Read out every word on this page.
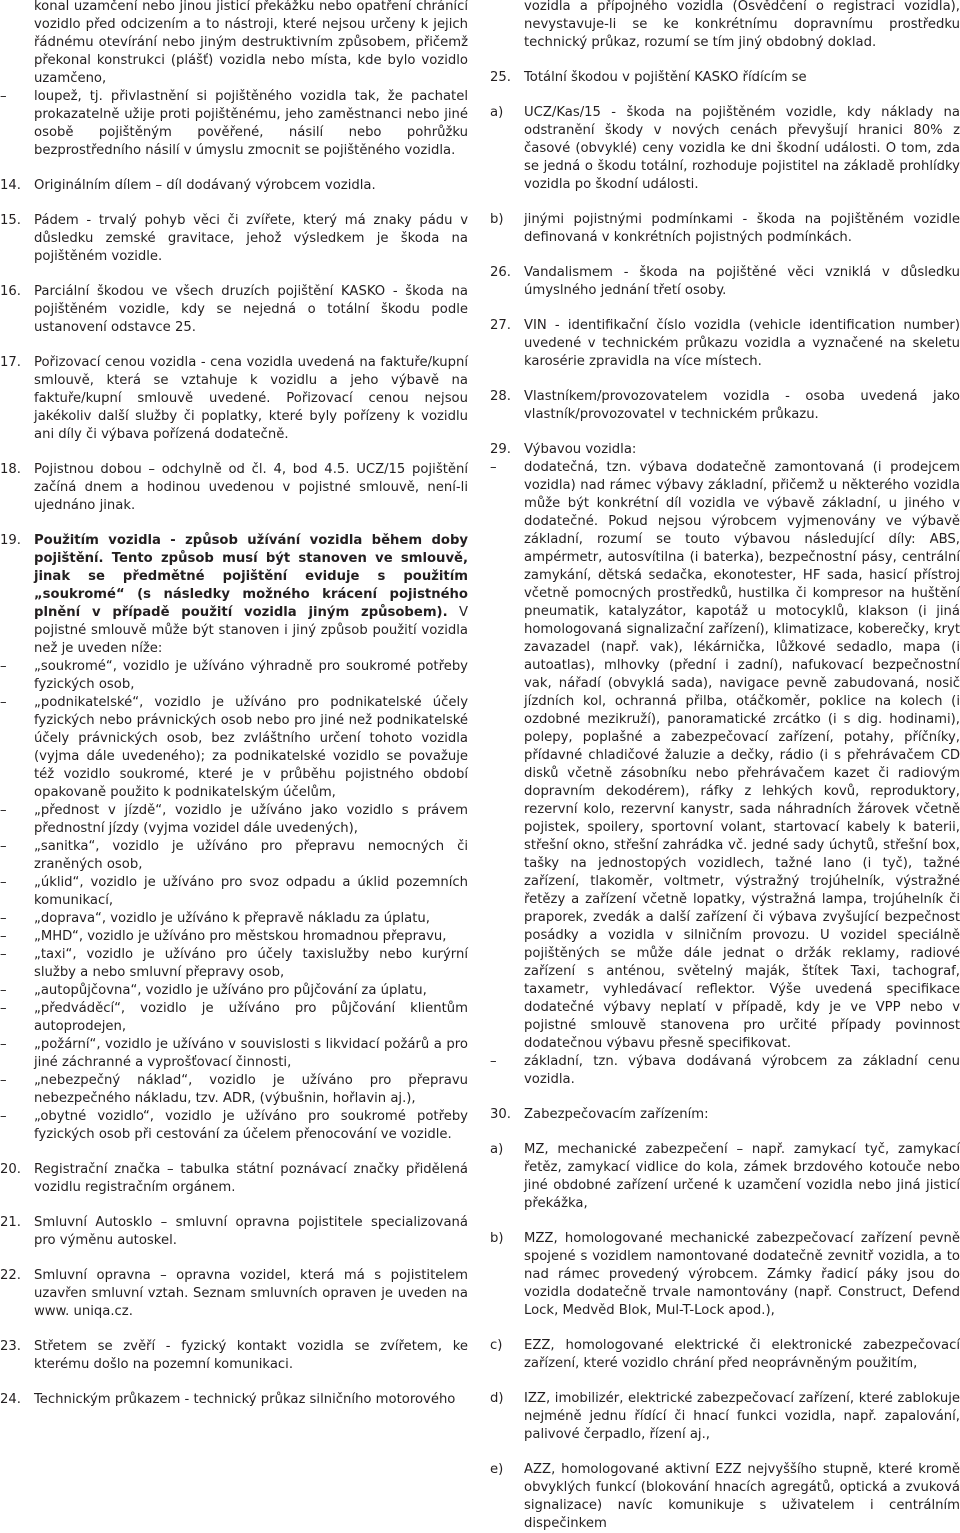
konal uzamčení nebo jinou jisticí překážku nebo opatření chránící vozidlo před odcizením a to nástroji, které nejsou určeny k jejich řádnému otevírání nebo jiným destruktivním způsobem, přičemž překonal konstrukci (plášť) vozidla nebo místa, kde bylo vozidlo uzamčeno,

– loupež, tj. přivlastnění si pojištěného vozidla tak, že pachatel prokazatelně užije proti pojištěnému, jeho zaměstnanci nebo jiné osobě pojištěným pověřené, násilí nebo pohrůžku bezprostředního násilí v úmyslu zmocnit se pojištěného vozidla.

14. Originálním dílem – díl dodávaný výrobcem vozidla.

15. Pádem - trvalý pohyb věci či zvířete, který má znaky pádu v důsledku zemské gravitace, jehož výsledkem je škoda na pojištěném vozidle.

16. Parciální škodou ve všech druzích pojištění KASKO - škoda na pojištěném vozidle, kdy se nejedná o totální škodu podle ustanovení odstavce 25.

17. Pořizovací cenou vozidla - cena vozidla uvedená na faktuře/kupní smlouvě, která se vztahuje k vozidlu a jeho výbavě na faktuře/kupní smlouvě uvedené. Pořizovací cenou nejsou jakékoliv další služby či poplatky, které byly pořízeny k vozidlu ani díly či výbava pořízená dodatečně.

18. Pojistnou dobou – odchylně od čl. 4, bod 4.5. UCZ/15 pojištění začíná dnem a hodinou uvedenou v pojistné smlouvě, není-li ujednáno jinak.

19. Použitím vozidla - způsob užívání vozidla během doby pojištění. Tento způsob musí být stanoven ve smlouvě, jinak se předmětné pojištění eviduje s použitím „soukromé“ (s následky možného krácení pojistného plnění v případě použití vozidla jiným způsobem). V pojistné smlouvě může být stanoven i jiný způsob použití vozidla než je uveden níže:

– „soukromé“, vozidlo je užíváno výhradně pro soukromé potřeby fyzických osob,

– „podnikatelské“, vozidlo je užíváno pro podnikatelské účely fyzických nebo právnických osob nebo pro jiné než podnikatelské účely právnických osob, bez zvláštního určení tohoto vozidla (vyjma dále uvedeného); za podnikatelské vozidlo se považuje též vozidlo soukromé, které je v průběhu pojistného období opakovaně použito k podnikatelským účelům,

– „přednost v jízdě“, vozidlo je užíváno jako vozidlo s právem přednostní jízdy (vyjma vozidel dále uvedených),

– „sanitka“, vozidlo je užíváno pro přepravu nemocných či zraněných osob,

– „úklid“, vozidlo je užíváno pro svoz odpadu a úklid pozemních komunikací,

– „doprava“, vozidlo je užíváno k přepravě nákladu za úplatu,

– „MHD“, vozidlo je užíváno pro městskou hromadnou přepravu,

– „taxi“, vozidlo je užíváno pro účely taxislužby nebo kurýrní služby a nebo smluvní přepravy osob,

– „autopůjčovna“, vozidlo je užíváno pro půjčování za úplatu,

– „předváděcí“, vozidlo je užíváno pro půjčování klientům autoprodejen,

– „požární“, vozidlo je užíváno v souvislosti s likvidací požárů a pro jiné záchranné a vyprošťovací činnosti,

– „nebezpečný náklad“, vozidlo je užíváno pro přepravu nebezpečného nákladu, tzv. ADR, (výbušnin, hořlavin aj.),

– „obytné vozidlo“, vozidlo je užíváno pro soukromé potřeby fyzických osob při cestování za účelem přenocování ve vozidle.

20. Registrační značka – tabulka státní poznávací značky přidělená vozidlu registračním orgánem.

21. Smluvní Autosklo – smluvní opravna pojistitele specializovaná pro výměnu autoskel.

22. Smluvní opravna – opravna vozidel, která má s pojistitelem uzavřen smluvní vztah. Seznam smluvních opraven je uveden na www. uniqa.cz.

23. Střetem se zvěří - fyzický kontakt vozidla se zvířetem, ke kterému došlo na pozemní komunikaci.

24. Technickým průkazem - technický průkaz silničního motorového

vozidla a přípojného vozidla (Osvědčení o registraci vozidla), nevystavuje-li se ke konkrétnímu dopravnímu prostředku technický průkaz, rozumí se tím jiný obdobný doklad.

25. Totální škodou v pojištění KASKO řídícím se

a) UCZ/Kas/15 - škoda na pojištěném vozidle, kdy náklady na odstranění škody v nových cenách převyšují hranici 80% z časové (obvyklé) ceny vozidla ke dni škodní události. O tom, zda se jedná o škodu totální, rozhoduje pojistitel na základě prohlídky vozidla po škodní události.

b) jinými pojistnými podmínkami - škoda na pojištěném vozidle definovaná v konkrétních pojistných podmínkách.

26. Vandalismem - škoda na pojištěné věci vzniklá v důsledku úmyslného jednání třetí osoby.

27. VIN - identifikační číslo vozidla (vehicle identification number) uvedené v technickém průkazu vozidla a vyznačené na skeletu karosérie zpravidla na více místech.

28. Vlastníkem/provozovatelem vozidla - osoba uvedená jako vlastník/provozovatel v technickém průkazu.

29. Výbavou vozidla:

– dodatečná, tzn. výbava dodatečně zamontovaná (i prodejcem vozidla) nad rámec výbavy základní, přičemž u některého vozidla může být konkrétní díl vozidla ve výbavě základní, u jiného v dodatečné. Pokud nejsou výrobcem vyjmenovány ve výbavě základní, rozumí se touto výbavou následující díly: ABS, ampérmetr, autosvítilna (i baterka), bezpečnostní pásy, centrální zamykání, dětská sedačka, ekonotester, HF sada, hasicí přístroj včetně pomocných prostředků, hustilka či kompresor na huštění pneumatik, katalyzátor, kapotáž u motocyklů, klakson (i jiná homologovaná signalizační zařízení), klimatizace, koberečky, kryt zavazadel (např. vak), lékárnička, lůžkové sedadlo, mapa (i autoatlas), mlhovky (přední i zadní), nafukovací bezpečnostní vak, nářadí (obvyklá sada), navigace pevně zabudovaná, nosič jízdních kol, ochranná přilba, otáčkoměr, poklice na kolech (i ozdobné mezikruží), panoramatické zrcátko (i s dig. hodinami), polepy, poplašné a zabezpečovací zařízení, potahy, příčníky, přídavné chladičové žaluzie a dečky, rádio (i s přehrávačem CD disků včetně zásobníku nebo přehrávačem kazet či radiovým dopravním dekodérem), ráfky z lehkých kovů, reproduktory, rezervní kolo, rezervní kanystr, sada náhradních žárovek včetně pojistek, spoilery, sportovní volant, startovací kabely k baterii, střešní okno, střešní zahrádka vč. jedné sady úchytů, střešní box, tašky na jednostopých vozidlech, tažné lano (i tyč), tažné zařízení, tlakoměr, voltmetr, výstražný trojúhelník, výstražné řetězy a zařízení včetně lopatky, výstražná lampa, trojúhelník či praporek, zvedák a další zařízení či výbava zvyšující bezpečnost posádky a vozidla v silničním provozu. U vozidel speciálně pojištěných se může dále jednat o držák reklamy, radiové zařízení s anténou, světelný maják, štítek Taxi, tachograf, taxametr, vyhledávací reflektor. Výše uvedená specifikace dodatečné výbavy neplatí v případě, kdy je ve VPP nebo v pojistné smlouvě stanovena pro určité případy povinnost dodatečnou výbavu přesně specifikovat.

– základní, tzn. výbava dodávaná výrobcem za základní cenu vozidla.

30. Zabezpečovacím zařízením:

a) MZ, mechanické zabezpečení – např. zamykací tyč, zamykací řetěz, zamykací vidlice do kola, zámek brzdového kotouče nebo jiné obdobné zařízení určené k uzamčení vozidla nebo jiná jisticí překážka,

b) MZZ, homologované mechanické zabezpečovací zařízení pevně spojené s vozidlem namontované dodatečně zevnitř vozidla, a to nad rámec provedený výrobcem. Zámky řadicí páky jsou do vozidla dodatečně trvale namontovány (např. Construct, Defend Lock, Medvěd Blok, Mul-T-Lock apod.),

c) EZZ, homologované elektrické či elektronické zabezpečovací zařízení, které vozidlo chrání před neoprávněným použitím,

d) IZZ, imobilizér, elektrické zabezpečovací zařízení, které zablokuje nejméně jednu řídící či hnací funkci vozidla, např. zapalování, palivové čerpadlo, řízení aj.,

e) AZZ, homologované aktivní EZZ nejvyššího stupně, které kromě obvyklých funkcí (blokování hnacích agregátů, optická a zvuková signalizace) navíc komunikuje s uživatelem i centrálním dispečinkem
